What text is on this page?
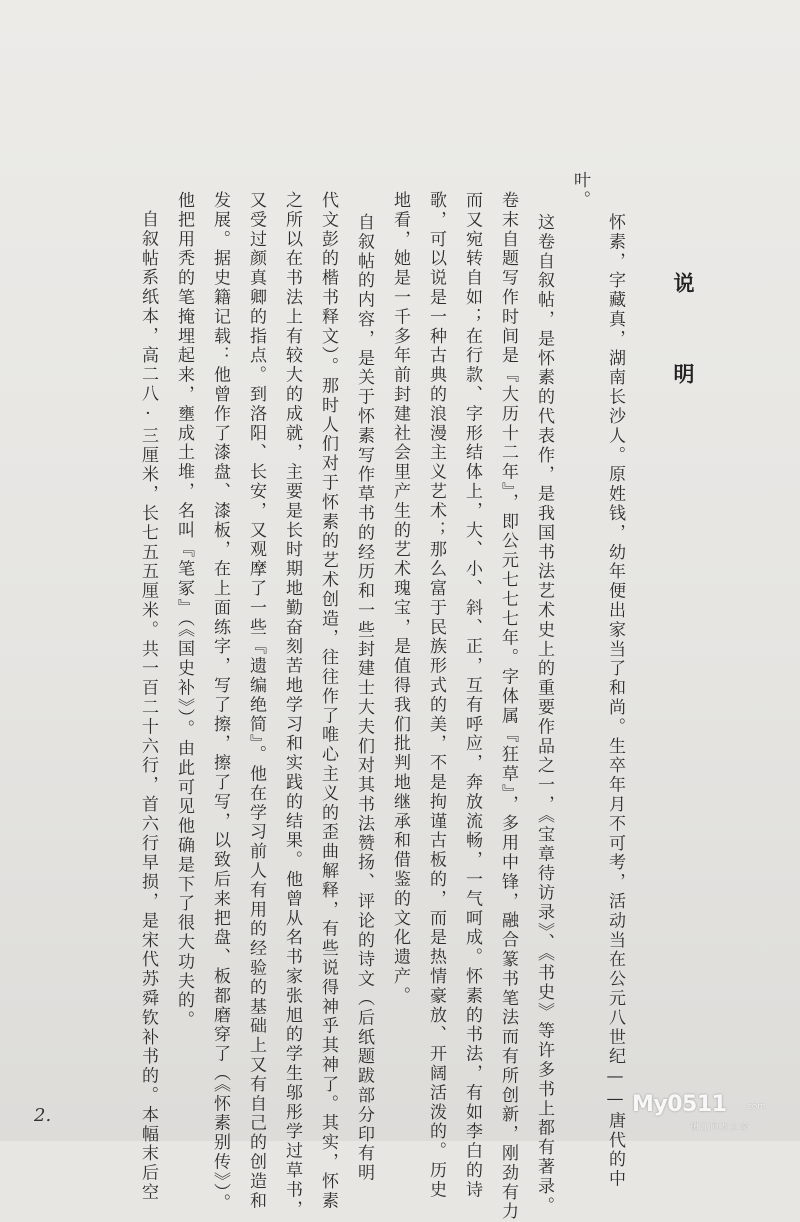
说明
怀素，字藏真，湖南长沙人。原姓钱，幼年便出家当了和尚。生卒年月不可考，活动当在公元八世纪——唐代的中
叶。
这卷自叙帖，是怀素的代表作，是我国书法艺术史上的重要作品之一，《宝章待访录》、《书史》等许多书上都有著录。
卷末自题写作时间是『大历十二年』，即公元七七七年。字体属『狂草』，多用中锋，融合篆书笔法而有所创新，刚劲有力
而又宛转自如；在行款、字形结体上，大、小、斜、正，互有呼应，奔放流畅，一气呵成。怀素的书法，有如李白的诗
歌，可以说是一种古典的浪漫主义艺术；那么富于民族形式的美，不是拘谨古板的，而是热情豪放、开阔活泼的。历史
地看，她是一千多年前封建社会里产生的艺术瑰宝，是值得我们批判地继承和借鉴的文化遗产。
自叙帖的内容，是关于怀素写作草书的经历和一些封建士大夫们对其书法赞扬、评论的诗文（后纸题跋部分印有明
代文彭的楷书释文）。那时人们对于怀素的艺术创造，往往作了唯心主义的歪曲解释，有些说得神乎其神了。其实，怀素
之所以在书法上有较大的成就，主要是长时期地勤奋刻苦地学习和实践的结果。他曾从名书家张旭的学生邬彤学过草书，
又受过颜真卿的指点。到洛阳、长安，又观摩了一些『遗编绝简』。他在学习前人有用的经验的基础上又有自己的创造和
发展。据史籍记载：他曾作了漆盘、漆板，在上面练字，写了擦，擦了写，以致后来把盘、板都磨穿了（《怀素别传》）。
他把用秃的笔掩埋起来，壅成土堆，名叫『笔冢』（《国史补》）。由此可见他确是下了很大功夫的。
自叙帖系纸本，高二八·三厘米，长七五五厘米。共一百二十六行，首六行早损，是宋代苏舜钦补书的。本幅末后空
2.	My0511 .com
镇江网友之家
